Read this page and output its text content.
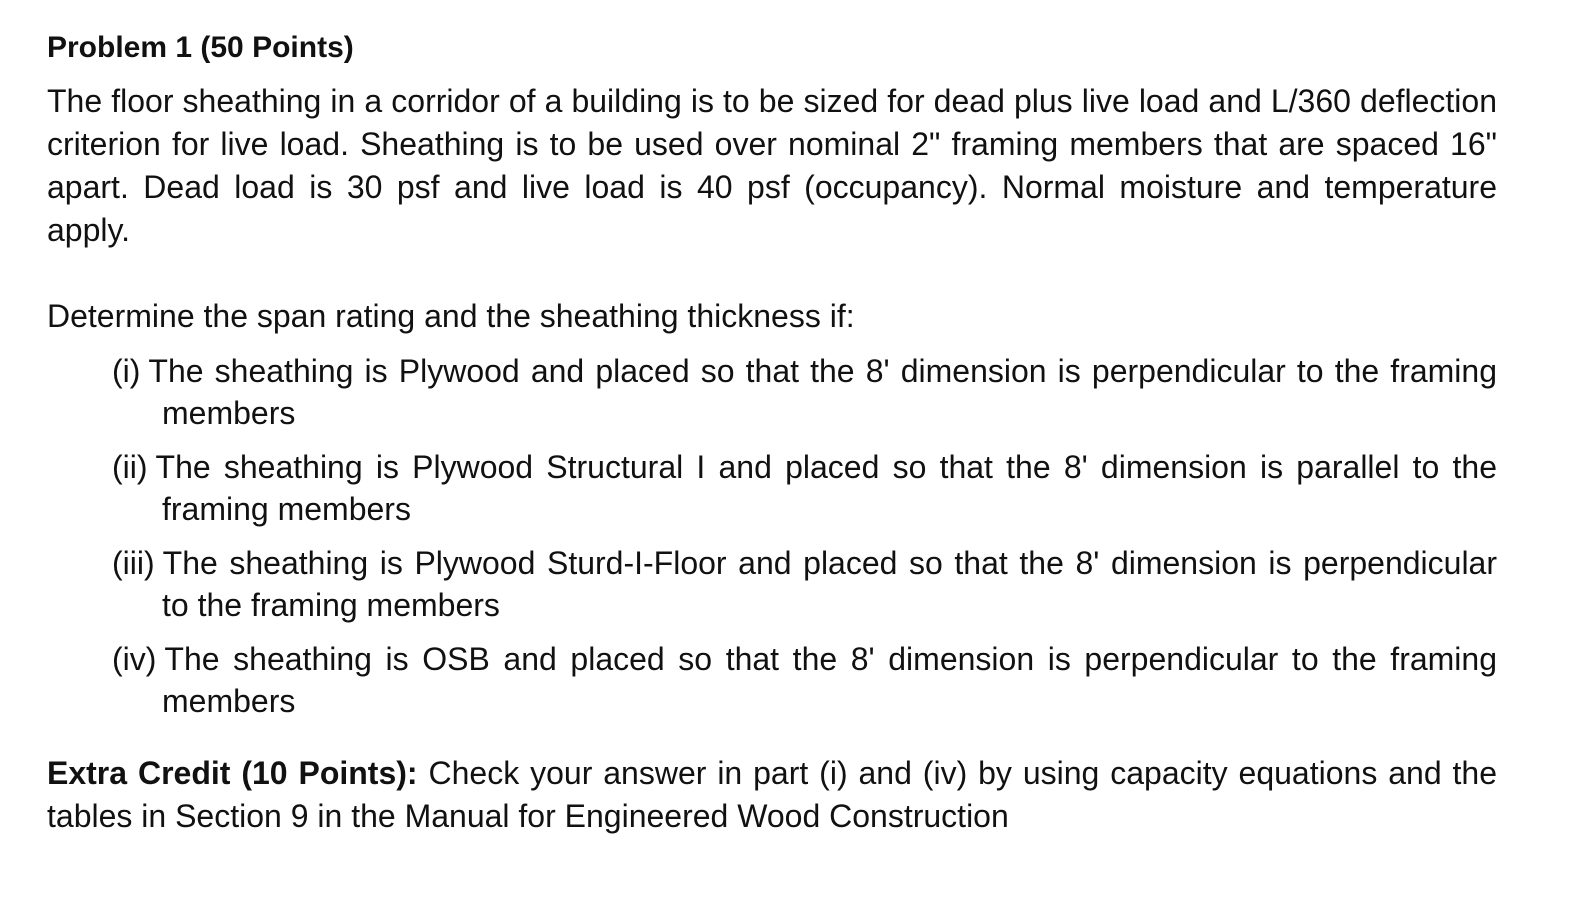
Problem 1 (50 Points)

The floor sheathing in a corridor of a building is to be sized for dead plus live load and L/360 deflection criterion for live load. Sheathing is to be used over nominal 2" framing members that are spaced 16" apart. Dead load is 30 psf and live load is 40 psf (occupancy). Normal moisture and temperature apply.

Determine the span rating and the sheathing thickness if:

(i) The sheathing is Plywood and placed so that the 8' dimension is perpendicular to the framing members
(ii) The sheathing is Plywood Structural I and placed so that the 8' dimension is parallel to the framing members
(iii) The sheathing is Plywood Sturd-I-Floor and placed so that the 8' dimension is perpendicular to the framing members
(iv) The sheathing is OSB and placed so that the 8' dimension is perpendicular to the framing members

Extra Credit (10 Points): Check your answer in part (i) and (iv) by using capacity equations and the tables in Section 9 in the Manual for Engineered Wood Construction
